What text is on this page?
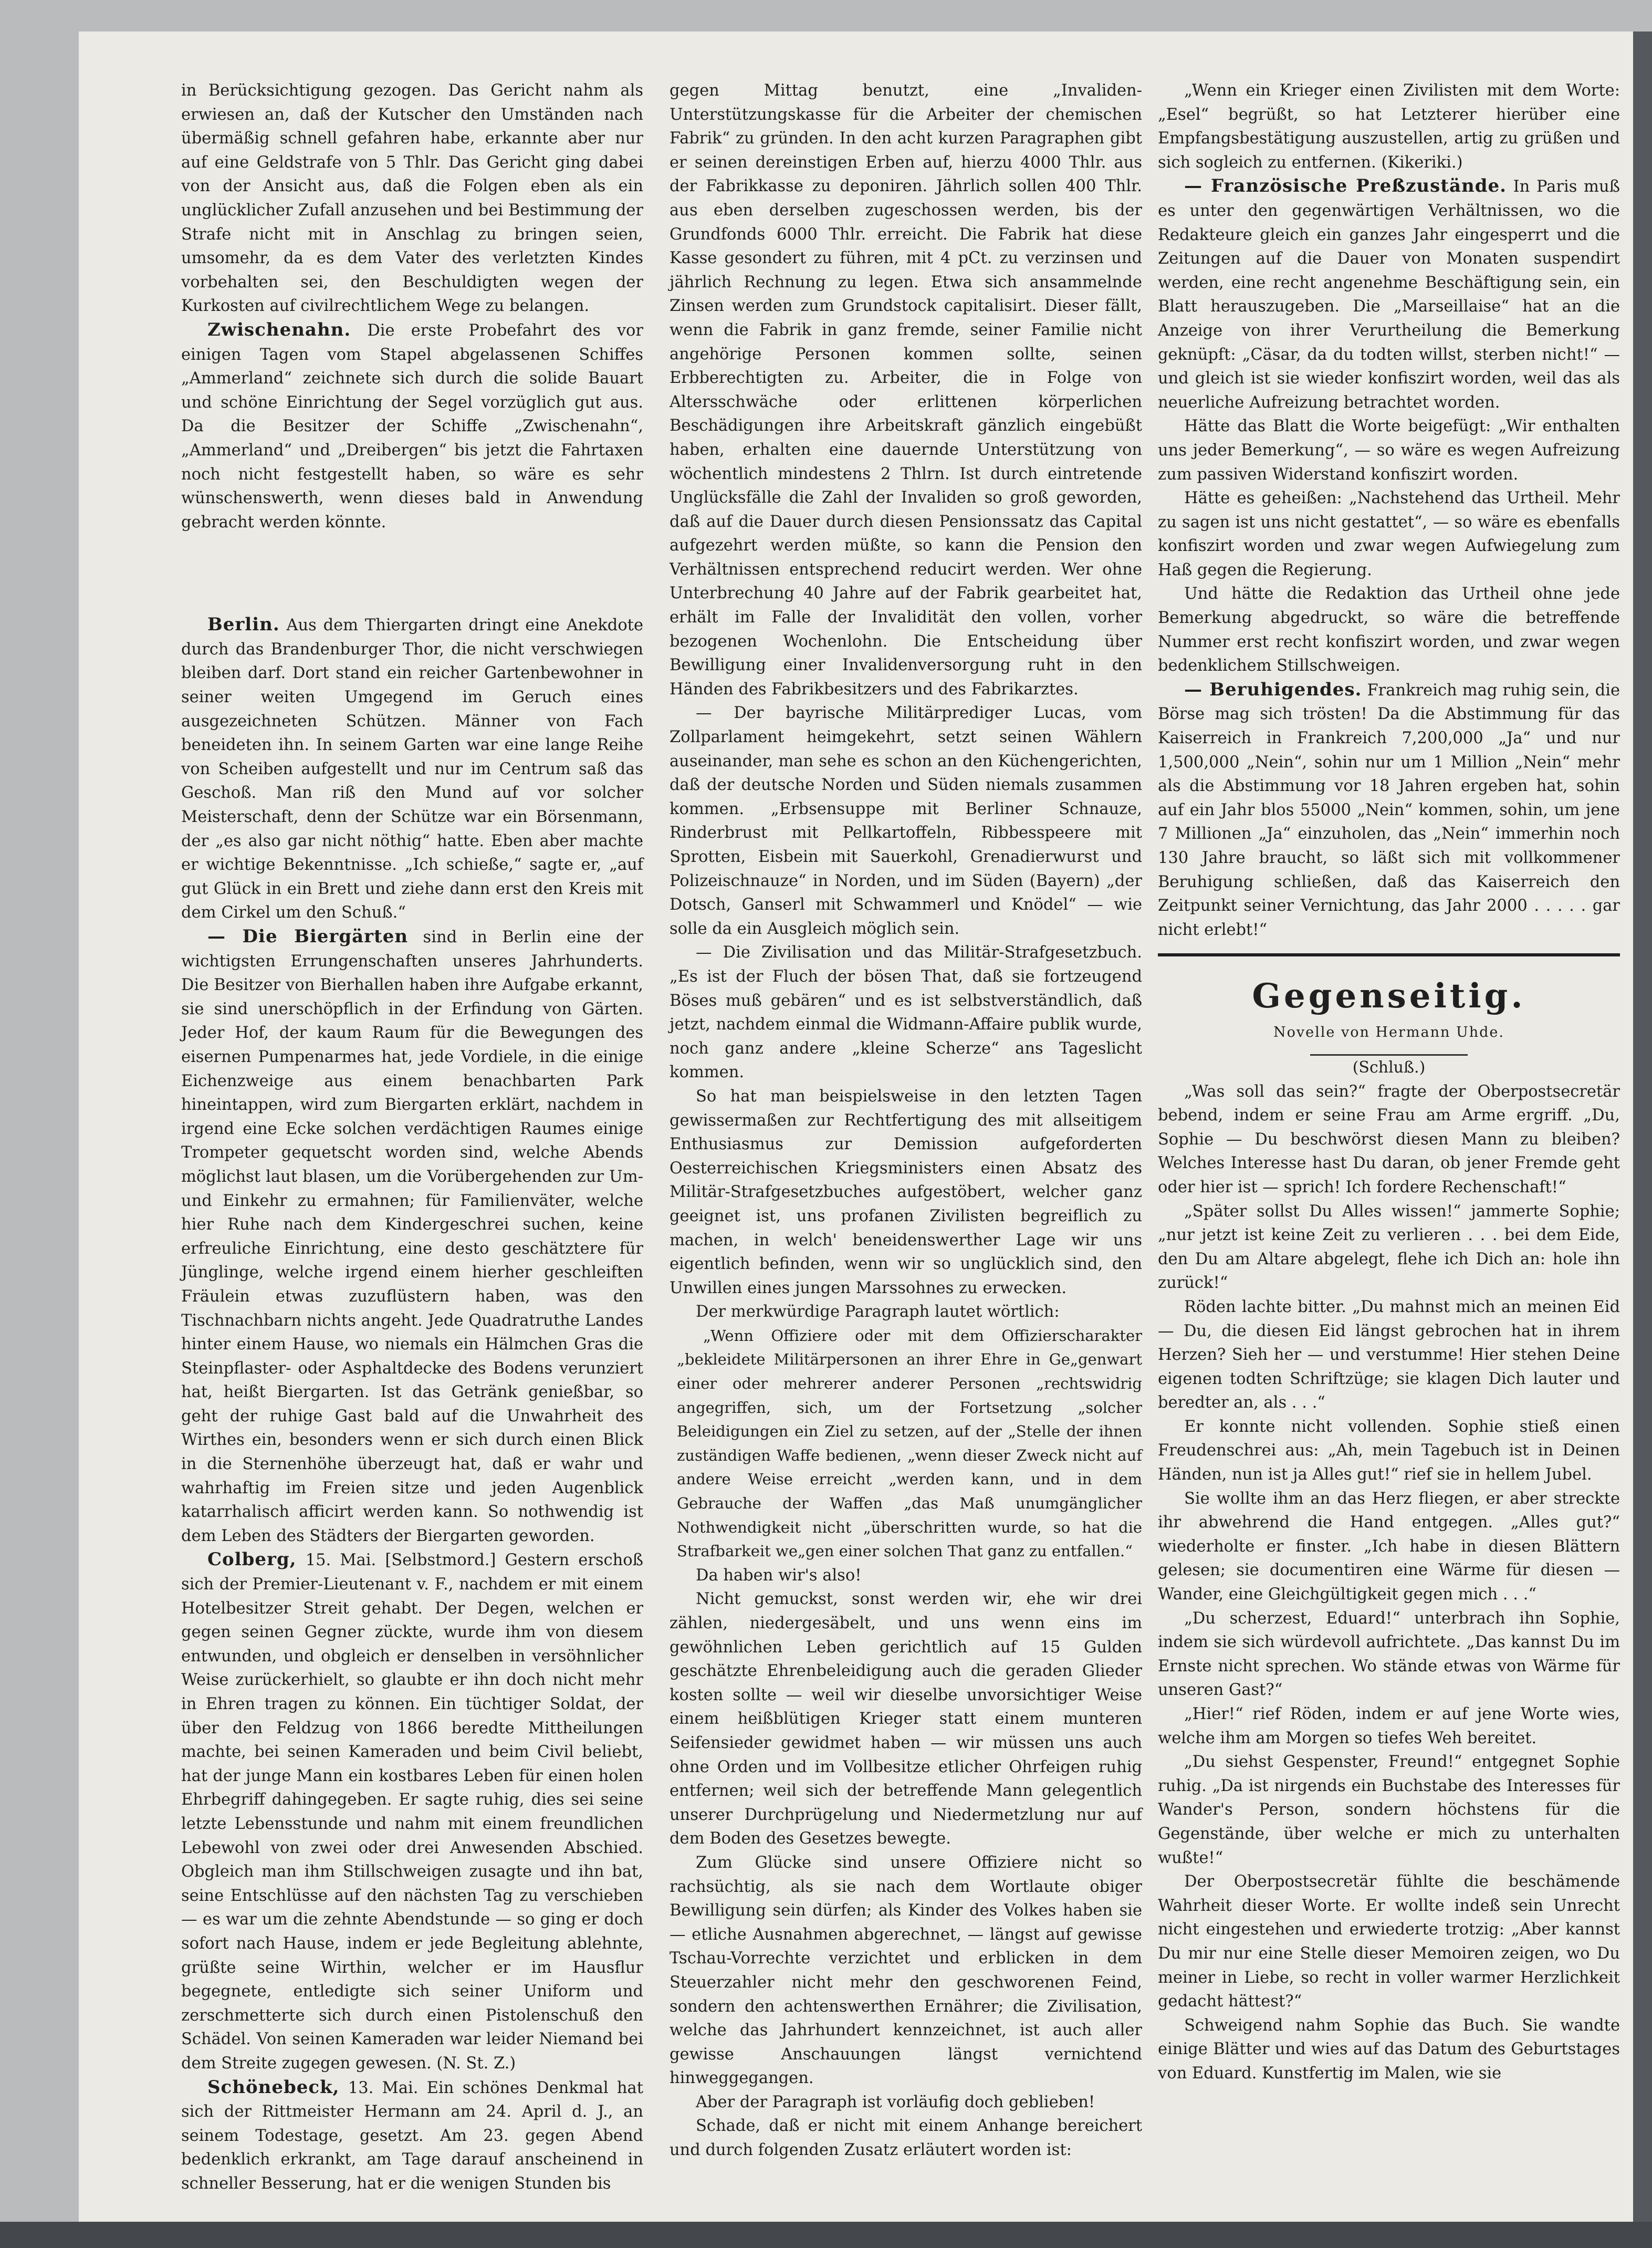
in Berücksichtigung gezogen. Das Gericht nahm als erwiesen an, daß der Kutscher den Umständen nach übermäßig schnell gefahren habe, erkannte aber nur auf eine Geldstrafe von 5 Thlr. Das Gericht ging dabei von der Ansicht aus, daß die Folgen eben als ein unglücklicher Zufall anzusehen und bei Bestimmung der Strafe nicht mit in Anschlag zu bringen seien, umsomehr, da es dem Vater des verletzten Kindes vorbehalten sei, den Beschuldigten wegen der Kurkosten auf civilrechtlichem Wege zu belangen.

Zwischenahn. Die erste Probefahrt des vor einigen Tagen vom Stapel abgelassenen Schiffes „Ammerland“ zeichnete sich durch die solide Bauart und schöne Einrichtung der Segel vorzüglich gut aus. Da die Besitzer der Schiffe „Zwischenahn“, „Ammerland“ und „Dreibergen“ bis jetzt die Fahrtaxen noch nicht festgestellt haben, so wäre es sehr wünschenswerth, wenn dieses bald in Anwendung gebracht werden könnte.

Berlin. Aus dem Thiergarten dringt eine Anekdote durch das Brandenburger Thor, die nicht verschwiegen bleiben darf. Dort stand ein reicher Gartenbewohner in seiner weiten Umgegend im Geruch eines ausgezeichneten Schützen. Männer von Fach beneideten ihn. In seinem Garten war eine lange Reihe von Scheiben aufgestellt und nur im Centrum saß das Geschoß. Man riß den Mund auf vor solcher Meisterschaft, denn der Schütze war ein Börsenmann, der „es also gar nicht nöthig“ hatte. Eben aber machte er wichtige Bekenntnisse. „Ich schieße,“ sagte er, „auf gut Glück in ein Brett und ziehe dann erst den Kreis mit dem Cirkel um den Schuß.“

— Die Biergärten sind in Berlin eine der wichtigsten Errungenschaften unseres Jahrhunderts. Die Besitzer von Bierhallen haben ihre Aufgabe erkannt, sie sind unerschöpflich in der Erfindung von Gärten. Jeder Hof, der kaum Raum für die Bewegungen des eisernen Pumpenarmes hat, jede Vordiele, in die einige Eichenzweige aus einem benachbarten Park hineintappen, wird zum Biergarten erklärt, nachdem in irgend eine Ecke solchen verdächtigen Raumes einige Trompeter gequetscht worden sind, welche Abends möglichst laut blasen, um die Vorübergehenden zur Um- und Einkehr zu ermahnen; für Familienväter, welche hier Ruhe nach dem Kindergeschrei suchen, keine erfreuliche Einrichtung, eine desto geschätztere für Jünglinge, welche irgend einem hierher geschleiften Fräulein etwas zuzuflüstern haben, was den Tischnachbarn nichts angeht. Jede Quadratruthe Landes hinter einem Hause, wo niemals ein Hälmchen Gras die Steinpflaster- oder Asphaltdecke des Bodens verunziert hat, heißt Biergarten. Ist das Getränk genießbar, so geht der ruhige Gast bald auf die Unwahrheit des Wirthes ein, besonders wenn er sich durch einen Blick in die Sternenhöhe überzeugt hat, daß er wahr und wahrhaftig im Freien sitze und jeden Augenblick katarrhalisch afficirt werden kann. So nothwendig ist dem Leben des Städters der Biergarten geworden.

Colberg, 15. Mai. [Selbstmord.] Gestern erschoß sich der Premier-Lieutenant v. F., nachdem er mit einem Hotelbesitzer Streit gehabt. Der Degen, welchen er gegen seinen Gegner zückte, wurde ihm von diesem entwunden, und obgleich er denselben in versöhnlicher Weise zurückerhielt, so glaubte er ihn doch nicht mehr in Ehren tragen zu können. Ein tüchtiger Soldat, der über den Feldzug von 1866 beredte Mittheilungen machte, bei seinen Kameraden und beim Civil beliebt, hat der junge Mann ein kostbares Leben für einen holen Ehrbegriff dahingegeben. Er sagte ruhig, dies sei seine letzte Lebensstunde und nahm mit einem freundlichen Lebewohl von zwei oder drei Anwesenden Abschied. Obgleich man ihm Stillschweigen zusagte und ihn bat, seine Entschlüsse auf den nächsten Tag zu verschieben — es war um die zehnte Abendstunde — so ging er doch sofort nach Hause, indem er jede Begleitung ablehnte, grüßte seine Wirthin, welcher er im Hausflur begegnete, entledigte sich seiner Uniform und zerschmetterte sich durch einen Pistolenschuß den Schädel. Von seinen Kameraden war leider Niemand bei dem Streite zugegen gewesen. (N. St. Z.)

Schönebeck, 13. Mai. Ein schönes Denkmal hat sich der Rittmeister Hermann am 24. April d. J., an seinem Todestage, gesetzt. Am 23. gegen Abend bedenklich erkrankt, am Tage darauf anscheinend in schneller Besserung, hat er die wenigen Stunden bis

gegen Mittag benutzt, eine „Invaliden-Unterstützungskasse für die Arbeiter der chemischen Fabrik“ zu gründen. In den acht kurzen Paragraphen gibt er seinen dereinstigen Erben auf, hierzu 4000 Thlr. aus der Fabrikkasse zu deponiren. Jährlich sollen 400 Thlr. aus eben derselben zugeschossen werden, bis der Grundfonds 6000 Thlr. erreicht. Die Fabrik hat diese Kasse gesondert zu führen, mit 4 pCt. zu verzinsen und jährlich Rechnung zu legen. Etwa sich ansammelnde Zinsen werden zum Grundstock capitalisirt. Dieser fällt, wenn die Fabrik in ganz fremde, seiner Familie nicht angehörige Personen kommen sollte, seinen Erbberechtigten zu. Arbeiter, die in Folge von Altersschwäche oder erlittenen körperlichen Beschädigungen ihre Arbeitskraft gänzlich eingebüßt haben, erhalten eine dauernde Unterstützung von wöchentlich mindestens 2 Thlrn. Ist durch eintretende Unglücksfälle die Zahl der Invaliden so groß geworden, daß auf die Dauer durch diesen Pensionssatz das Capital aufgezehrt werden müßte, so kann die Pension den Verhältnissen entsprechend reducirt werden. Wer ohne Unterbrechung 40 Jahre auf der Fabrik gearbeitet hat, erhält im Falle der Invalidität den vollen, vorher bezogenen Wochenlohn. Die Entscheidung über Bewilligung einer Invalidenversorgung ruht in den Händen des Fabrikbesitzers und des Fabrikarztes.

— Der bayrische Militärprediger Lucas, vom Zollparlament heimgekehrt, setzt seinen Wählern auseinander, man sehe es schon an den Küchengerichten, daß der deutsche Norden und Süden niemals zusammen kommen. „Erbsensuppe mit Berliner Schnauze, Rinderbrust mit Pellkartoffeln, Ribbesspeere mit Sprotten, Eisbein mit Sauerkohl, Grenadierwurst und Polizeischnauze“ in Norden, und im Süden (Bayern) „der Dotsch, Ganserl mit Schwammerl und Knödel“ — wie solle da ein Ausgleich möglich sein.

— Die Zivilisation und das Militär-Strafgesetzbuch. „Es ist der Fluch der bösen That, daß sie fortzeugend Böses muß gebären“ und es ist selbstverständlich, daß jetzt, nachdem einmal die Widmann-Affaire publik wurde, noch ganz andere „kleine Scherze“ ans Tageslicht kommen.

So hat man beispielsweise in den letzten Tagen gewissermaßen zur Rechtfertigung des mit allseitigem Enthusiasmus zur Demission aufgeforderten Oesterreichischen Kriegsministers einen Absatz des Militär-Strafgesetzbuches aufgestöbert, welcher ganz geeignet ist, uns profanen Zivilisten begreiflich zu machen, in welch' beneidenswerther Lage wir uns eigentlich befinden, wenn wir so unglücklich sind, den Unwillen eines jungen Marssohnes zu erwecken.

Der merkwürdige Paragraph lautet wörtlich:

„Wenn Offiziere oder mit dem Offizierscharakter „bekleidete Militärpersonen an ihrer Ehre in Ge„genwart einer oder mehrerer anderer Personen „rechtswidrig angegriffen, sich, um der Fortsetzung „solcher Beleidigungen ein Ziel zu setzen, auf der „Stelle der ihnen zuständigen Waffe bedienen, „wenn dieser Zweck nicht auf andere Weise erreicht „werden kann, und in dem Gebrauche der Waffen „das Maß unumgänglicher Nothwendigkeit nicht „überschritten wurde, so hat die Strafbarkeit we„gen einer solchen That ganz zu entfallen.“

Da haben wir's also!

Nicht gemuckst, sonst werden wir, ehe wir drei zählen, niedergesäbelt, und uns wenn eins im gewöhnlichen Leben gerichtlich auf 15 Gulden geschätzte Ehrenbeleidigung auch die geraden Glieder kosten sollte — weil wir dieselbe unvorsichtiger Weise einem heißblütigen Krieger statt einem munteren Seifensieder gewidmet haben — wir müssen uns auch ohne Orden und im Vollbesitze etlicher Ohrfeigen ruhig entfernen; weil sich der betreffende Mann gelegentlich unserer Durchprügelung und Niedermetzlung nur auf dem Boden des Gesetzes bewegte.

Zum Glücke sind unsere Offiziere nicht so rachsüchtig, als sie nach dem Wortlaute obiger Bewilligung sein dürfen; als Kinder des Volkes haben sie — etliche Ausnahmen abgerechnet, — längst auf gewisse Tschau-Vorrechte verzichtet und erblicken in dem Steuerzahler nicht mehr den geschworenen Feind, sondern den achtenswerthen Ernährer; die Zivilisation, welche das Jahrhundert kennzeichnet, ist auch aller gewisse Anschauungen längst vernichtend hinweggegangen.

Aber der Paragraph ist vorläufig doch geblieben!

Schade, daß er nicht mit einem Anhange bereichert und durch folgenden Zusatz erläutert worden ist:

„Wenn ein Krieger einen Zivilisten mit dem Worte: „Esel“ begrüßt, so hat Letzterer hierüber eine Empfangsbestätigung auszustellen, artig zu grüßen und sich sogleich zu entfernen. (Kikeriki.)

— Französische Preßzustände. In Paris muß es unter den gegenwärtigen Verhältnissen, wo die Redakteure gleich ein ganzes Jahr eingesperrt und die Zeitungen auf die Dauer von Monaten suspendirt werden, eine recht angenehme Beschäftigung sein, ein Blatt herauszugeben. Die „Marseillaise“ hat an die Anzeige von ihrer Verurtheilung die Bemerkung geknüpft: „Cäsar, da du todten willst, sterben nicht!“ — und gleich ist sie wieder konfiszirt worden, weil das als neuerliche Aufreizung betrachtet worden.

Hätte das Blatt die Worte beigefügt: „Wir enthalten uns jeder Bemerkung“, — so wäre es wegen Aufreizung zum passiven Widerstand konfiszirt worden.

Hätte es geheißen: „Nachstehend das Urtheil. Mehr zu sagen ist uns nicht gestattet“, — so wäre es ebenfalls konfiszirt worden und zwar wegen Aufwiegelung zum Haß gegen die Regierung.

Und hätte die Redaktion das Urtheil ohne jede Bemerkung abgedruckt, so wäre die betreffende Nummer erst recht konfiszirt worden, und zwar wegen bedenklichem Stillschweigen.

— Beruhigendes. Frankreich mag ruhig sein, die Börse mag sich trösten! Da die Abstimmung für das Kaiserreich in Frankreich 7,200,000 „Ja“ und nur 1,500,000 „Nein“, sohin nur um 1 Million „Nein“ mehr als die Abstimmung vor 18 Jahren ergeben hat, sohin auf ein Jahr blos 55000 „Nein“ kommen, sohin, um jene 7 Millionen „Ja“ einzuholen, das „Nein“ immerhin noch 130 Jahre braucht, so läßt sich mit vollkommener Beruhigung schließen, daß das Kaiserreich den Zeitpunkt seiner Vernichtung, das Jahr 2000 . . . . . gar nicht erlebt!“

Gegenseitig.

Novelle von Hermann Uhde.

(Schluß.)

„Was soll das sein?“ fragte der Oberpostsecretär bebend, indem er seine Frau am Arme ergriff. „Du, Sophie — Du beschwörst diesen Mann zu bleiben? Welches Interesse hast Du daran, ob jener Fremde geht oder hier ist — sprich! Ich fordere Rechenschaft!“

„Später sollst Du Alles wissen!“ jammerte Sophie; „nur jetzt ist keine Zeit zu verlieren . . . bei dem Eide, den Du am Altare abgelegt, flehe ich Dich an: hole ihn zurück!“

Röden lachte bitter. „Du mahnst mich an meinen Eid — Du, die diesen Eid längst gebrochen hat in ihrem Herzen? Sieh her — und verstumme! Hier stehen Deine eigenen todten Schriftzüge; sie klagen Dich lauter und beredter an, als . . .“

Er konnte nicht vollenden. Sophie stieß einen Freudenschrei aus: „Ah, mein Tagebuch ist in Deinen Händen, nun ist ja Alles gut!“ rief sie in hellem Jubel.

Sie wollte ihm an das Herz fliegen, er aber streckte ihr abwehrend die Hand entgegen. „Alles gut?“ wiederholte er finster. „Ich habe in diesen Blättern gelesen; sie documentiren eine Wärme für diesen — Wander, eine Gleichgültigkeit gegen mich . . .“

„Du scherzest, Eduard!“ unterbrach ihn Sophie, indem sie sich würdevoll aufrichtete. „Das kannst Du im Ernste nicht sprechen. Wo stände etwas von Wärme für unseren Gast?“

„Hier!“ rief Röden, indem er auf jene Worte wies, welche ihm am Morgen so tiefes Weh bereitet.

„Du siehst Gespenster, Freund!“ entgegnet Sophie ruhig. „Da ist nirgends ein Buchstabe des Interesses für Wander's Person, sondern höchstens für die Gegenstände, über welche er mich zu unterhalten wußte!“

Der Oberpostsecretär fühlte die beschämende Wahrheit dieser Worte. Er wollte indeß sein Unrecht nicht eingestehen und erwiederte trotzig: „Aber kannst Du mir nur eine Stelle dieser Memoiren zeigen, wo Du meiner in Liebe, so recht in voller warmer Herzlichkeit gedacht hättest?“

Schweigend nahm Sophie das Buch. Sie wandte einige Blätter und wies auf das Datum des Geburtstages von Eduard. Kunstfertig im Malen, wie sie
